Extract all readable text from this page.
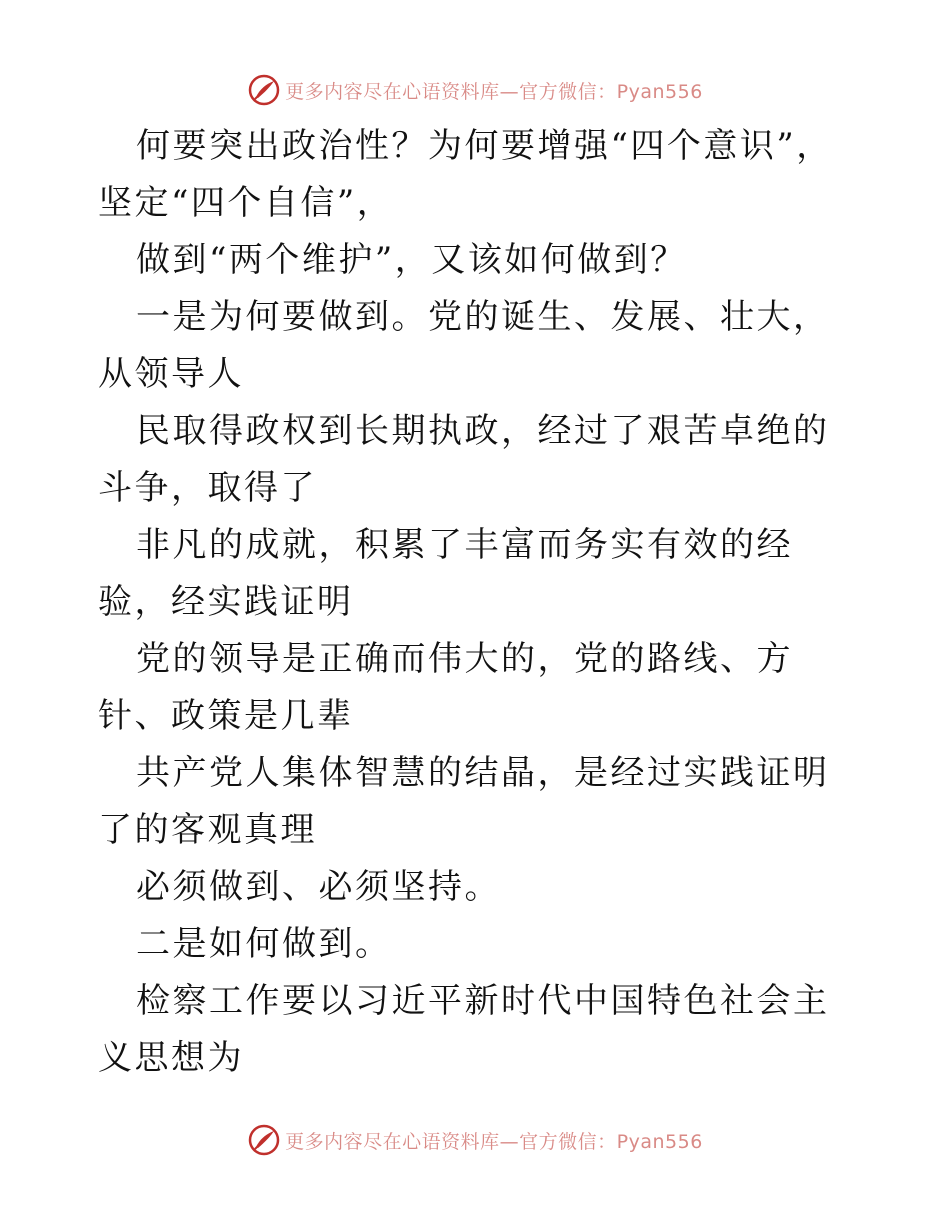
更多内容尽在心语资料库—官方微信：Pyan556

何要突出政治性？为何要增强“四个意识”，坚定“四个自信”，

做到“两个维护”，又该如何做到？

一是为何要做到。党的诞生、发展、壮大，从领导人

民取得政权到长期执政，经过了艰苦卓绝的斗争，取得了

非凡的成就，积累了丰富而务实有效的经验，经实践证明

党的领导是正确而伟大的，党的路线、方针、政策是几辈

共产党人集体智慧的结晶，是经过实践证明了的客观真理

必须做到、必须坚持。

二是如何做到。

检察工作要以习近平新时代中国特色社会主义思想为

更多内容尽在心语资料库—官方微信：Pyan556
